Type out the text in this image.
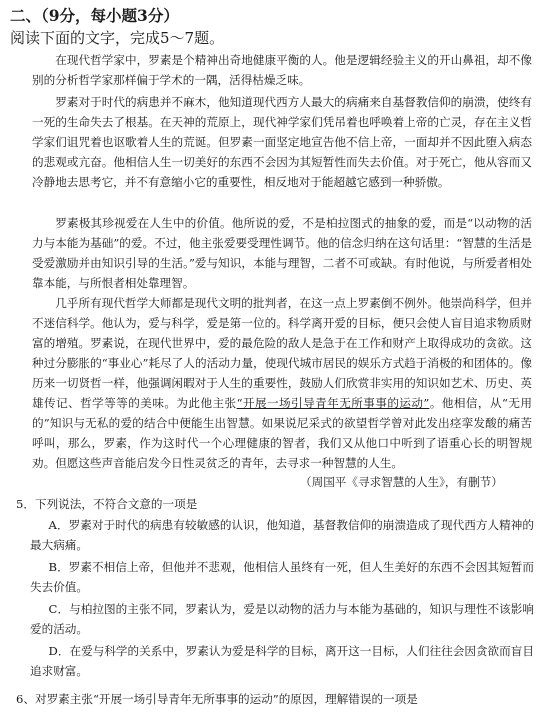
二、（9分，每小题3分）
阅读下面的文字，完成5～7题。

在现代哲学家中，罗素是个精神出奇地健康平衡的人。他是逻辑经验主义的开山鼻祖，却不像别的分析哲学家那样偏于学术的一隅，活得枯燥乏味。

罗素对于时代的病患并不麻木，他知道现代西方人最大的病痛来自基督教信仰的崩溃，使终有一死的生命失去了根基。在天神的荒原上，现代神学家们凭吊着也呼唤着上帝的亡灵，存在主义哲学家们诅咒着也讴歌着人生的荒诞。但罗素一面坚定地宣告他不信上帝，一面却并不因此堕入病态的悲观或亢奋。他相信人生一切美好的东西不会因为其短暂性而失去价值。对于死亡，他从容而又冷静地去思考它，并不有意缩小它的重要性，相反地对于能超越它感到一种骄傲。

罗素极其珍视爱在人生中的价值。他所说的爱，不是柏拉图式的抽象的爱，而是“以动物的活力与本能为基础”的爱。不过，他主张爱要受理性调节。他的信念归纳在这句话里：“智慧的生活是受爱激励并由知识引导的生活。”爱与知识，本能与理智，二者不可或缺。有时他说，与所爱者相处靠本能，与所恨者相处靠理智。

几乎所有现代哲学大师都是现代文明的批判者，在这一点上罗素倒不例外。他崇尚科学，但并不迷信科学。他认为，爱与科学，爱是第一位的。科学离开爱的目标，便只会使人盲目追求物质财富的增殖。罗素说，在现代世界中，爱的最危险的敌人是急于在工作和财产上取得成功的贪欲。这种过分膨胀的“事业心”耗尽了人的活动力量，使现代城市居民的娱乐方式趋于消极的和团体的。像历来一切贤哲一样，他强调闲暇对于人生的重要性，鼓励人们欣赏非实用的知识如艺术、历史、英雄传记、哲学等等的美味。为此他主张“开展一场引导青年无所事事的运动”。他相信，从“无用的”知识与无私的爱的结合中便能生出智慧。如果说尼采式的欲望哲学曾对此发出痉挛发酸的痛苦呼叫，那么，罗素，作为这时代一个心理健康的智者，我们又从他口中听到了语重心长的明智规劝。但愿这些声音能启发今日性灵贫乏的青年，去寻求一种智慧的人生。

（周国平《寻求智慧的人生》，有删节）
5．下列说法，不符合文意的一项是
A．罗素对于时代的病患有较敏感的认识，他知道，基督教信仰的崩溃造成了现代西方人精神的最大病痛。
B．罗素不相信上帝，但他并不悲观，他相信人虽终有一死，但人生美好的东西不会因其短暂而失去价值。
C．与柏拉图的主张不同，罗素认为，爱是以动物的活力与本能为基础的，知识与理性不该影响爱的活动。
D．在爱与科学的关系中，罗素认为爱是科学的目标，离开这一目标，人们往往会因贪欲而盲目追求财富。
6、对罗素主张“开展一场引导青年无所事事的运动”的原因，理解错误的一项是
